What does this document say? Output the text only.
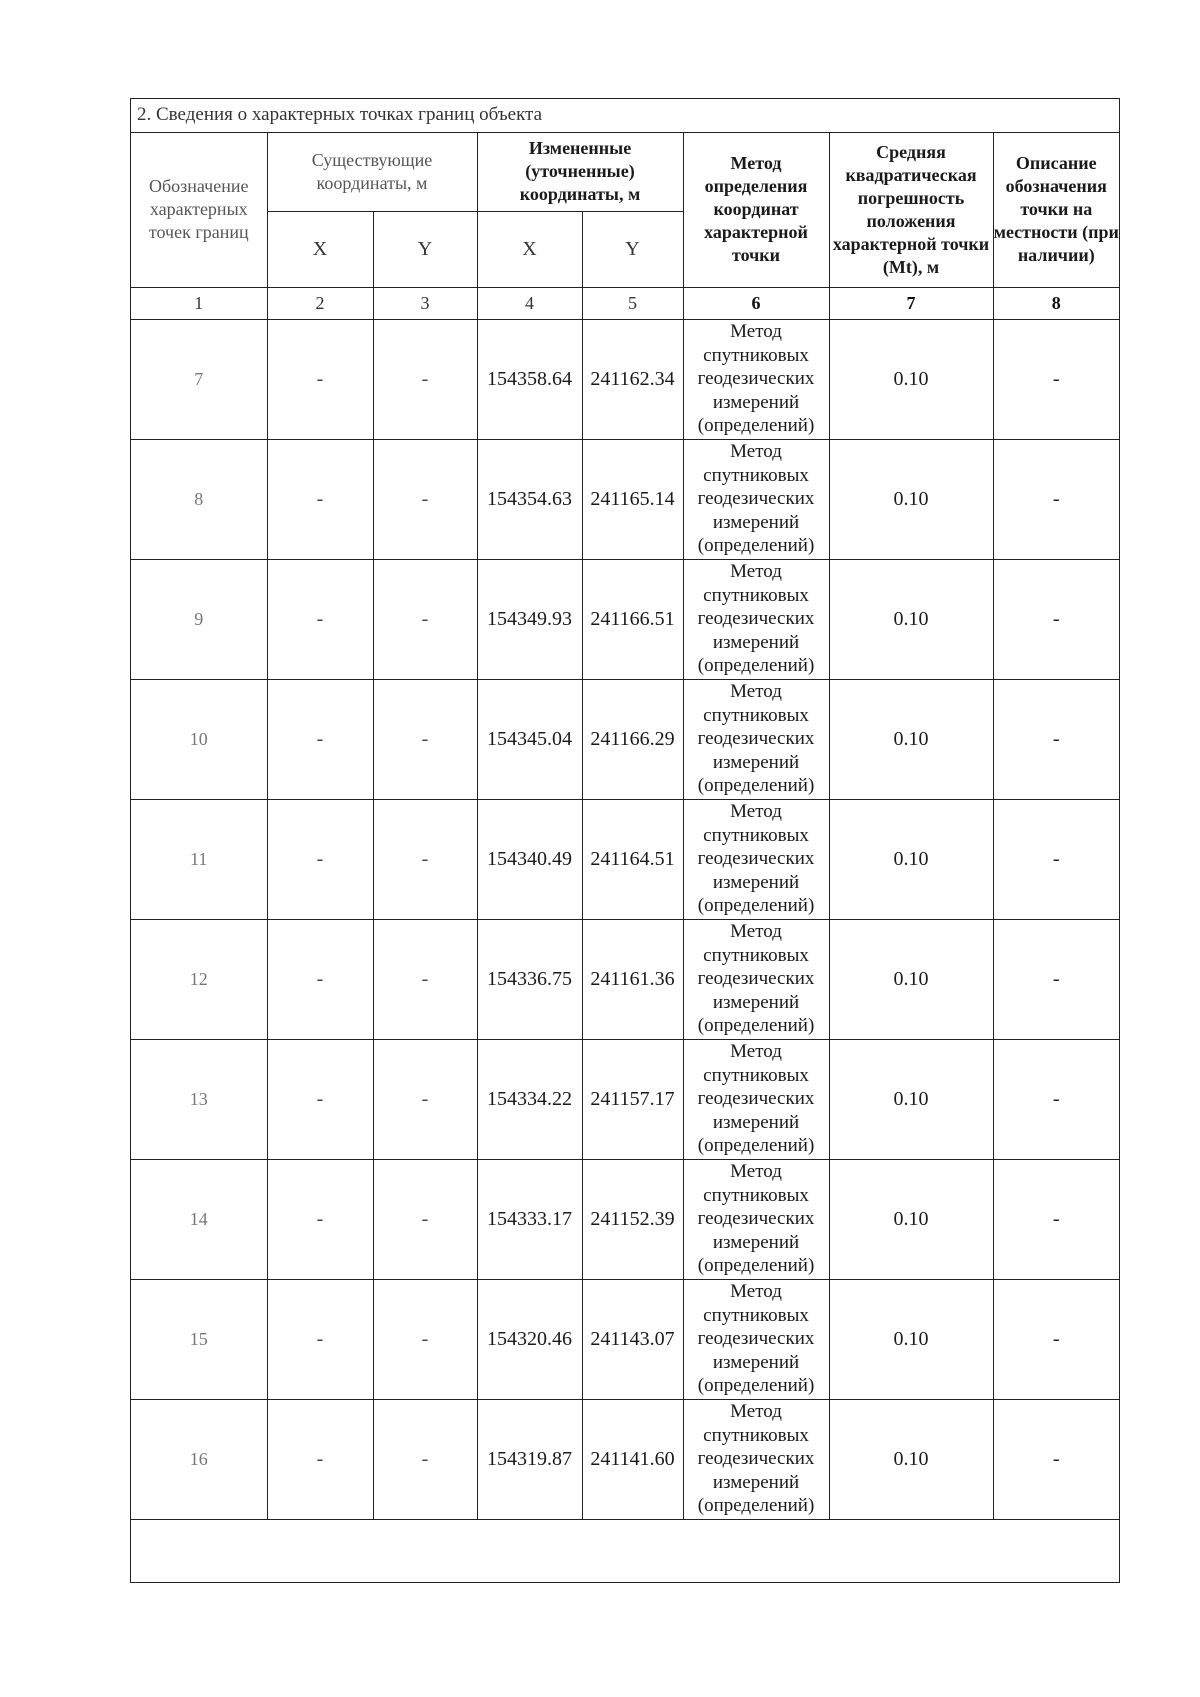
2. Сведения о характерных точках границ объекта
Обозначение характерных точек границ	Существующие координаты, м		Измененные (уточненные) координаты, м		Метод определения координат характерной точки	Средняя квадратическая погрешность положения характерной точки (Mt), м	Описание обозначения точки на местности (при наличии)
	X	Y	X	Y			
1	2	3	4	5	6	7	8
7	-	-	154358.64	241162.34	Метод
спутниковых
геодезических
измерений
(определений)	0.10	-
8	-	-	154354.63	241165.14	Метод
спутниковых
геодезических
измерений
(определений)	0.10	-
9	-	-	154349.93	241166.51	Метод
спутниковых
геодезических
измерений
(определений)	0.10	-
10	-	-	154345.04	241166.29	Метод
спутниковых
геодезических
измерений
(определений)	0.10	-
11	-	-	154340.49	241164.51	Метод
спутниковых
геодезических
измерений
(определений)	0.10	-
12	-	-	154336.75	241161.36	Метод
спутниковых
геодезических
измерений
(определений)	0.10	-
13	-	-	154334.22	241157.17	Метод
спутниковых
геодезических
измерений
(определений)	0.10	-
14	-	-	154333.17	241152.39	Метод
спутниковых
геодезических
измерений
(определений)	0.10	-
15	-	-	154320.46	241143.07	Метод
спутниковых
геодезических
измерений
(определений)	0.10	-
16	-	-	154319.87	241141.60	Метод
спутниковых
геодезических
измерений
(определений)	0.10	-
